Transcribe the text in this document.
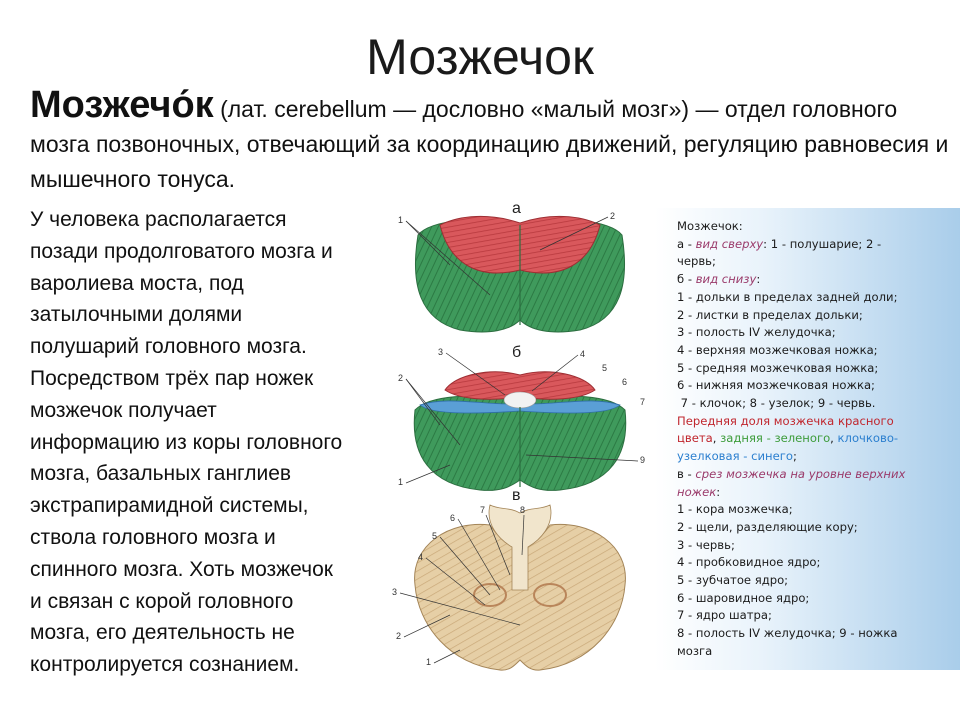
Мозжечок
Мозжечо́к (лат. cerebellum — дословно «малый мозг») — отдел головного мозга позвоночных, отвечающий за координацию движений, регуляцию равновесия и мышечного тонуса.
У человека располагается
позади продолговатого мозга и
варолиева моста, под
затылочными долями
полушарий головного мозга.
Посредством трёх пар ножек
мозжечок получает
информацию из коры головного
мозга, базальных ганглиев
экстрапирамидной системы,
ствола головного мозга и
спинного мозга. Хоть мозжечок
и связан с корой головного
мозга, его деятельность не
контролируется сознанием.
а
1	2
б
3	4
5
6
7
2
9
1
в
6
7	8
5
4
3
2
1
Мозжечок:
а - вид сверху: 1 - полушарие; 2 -
червь;
б - вид снизу:
1 - дольки в пределах задней доли;
2 - листки в пределах дольки;
3 - полость IV желудочка;
4 - верхняя мозжечковая ножка;
5 - средняя мозжечковая ножка;
6 - нижняя мозжечковая ножка;
7 - клочок; 8 - узелок; 9 - червь.
Передняя доля мозжечка красного
цвета, задняя - зеленого, клочково-
узелковая - синего;
в - срез мозжечка на уровне верхних
ножек:
1 - кора мозжечка;
2 - щели, разделяющие кору;
3 - червь;
4 - пробковидное ядро;
5 - зубчатое ядро;
6 - шаровидное ядро;
7 - ядро шатра;
8 - полость IV желудочка; 9 - ножка
мозга
